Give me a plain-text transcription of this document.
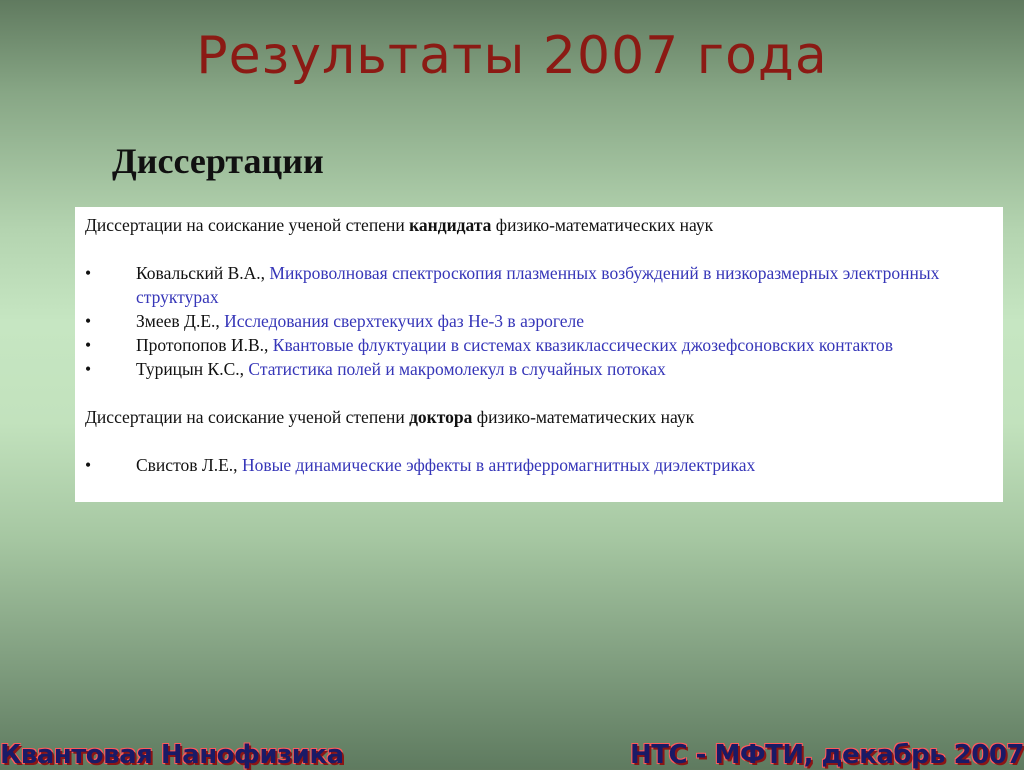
Результаты 2007 года
Диссертации

Диссертации на соискание ученой степени кандидата физико-математических наук

•	Ковальский В.А., Микроволновая спектроскопия плазменных возбуждений в низкоразмерных электронных структурах
•	Змеев Д.Е., Исследования сверхтекучих фаз Не-3 в аэрогеле
•	Протопопов И.В., Квантовые флуктуации в системах квазиклассических джозефсоновских контактов
•	Турицын К.С., Статистика полей и макромолекул в случайных потоках

Диссертации на соискание ученой степени доктора физико-математических наук

•	Свистов Л.Е., Новые динамические эффекты в антиферромагнитных диэлектриках
Квантовая Нанофизика	НТС - МФТИ, декабрь 2007
